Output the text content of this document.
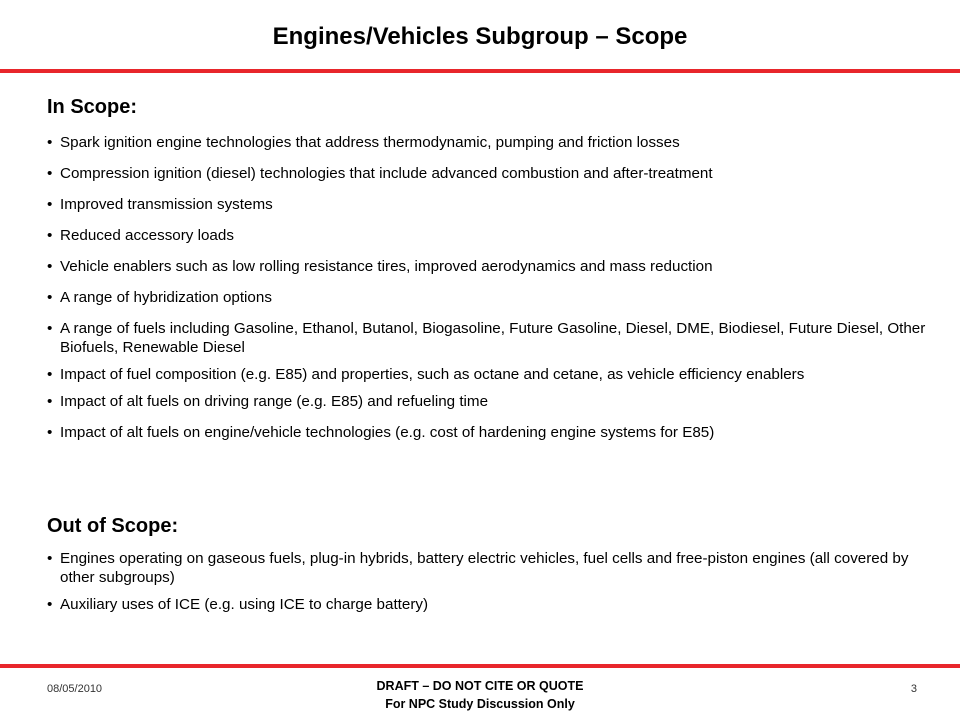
Engines/Vehicles Subgroup – Scope
In Scope:
• Spark ignition engine technologies that address thermodynamic, pumping and friction losses
• Compression ignition (diesel) technologies that include advanced combustion and after-treatment
• Improved transmission systems
• Reduced accessory loads
• Vehicle enablers such as low rolling resistance tires, improved aerodynamics and mass reduction
• A range of hybridization options
• A range of fuels including Gasoline, Ethanol, Butanol, Biogasoline, Future Gasoline, Diesel, DME, Biodiesel, Future Diesel, Other Biofuels, Renewable Diesel
• Impact of fuel composition (e.g. E85) and properties, such as octane and cetane, as vehicle efficiency enablers
• Impact of alt fuels on driving range (e.g. E85) and refueling time
• Impact of alt fuels on engine/vehicle technologies (e.g. cost of hardening engine systems for E85)
Out of Scope:
• Engines operating on gaseous fuels, plug-in hybrids, battery electric vehicles, fuel cells and free-piston engines (all covered by other subgroups)
• Auxiliary uses of ICE (e.g. using ICE to charge battery)
08/05/2010	DRAFT – DO NOT CITE OR QUOTE
For NPC Study Discussion Only
3
